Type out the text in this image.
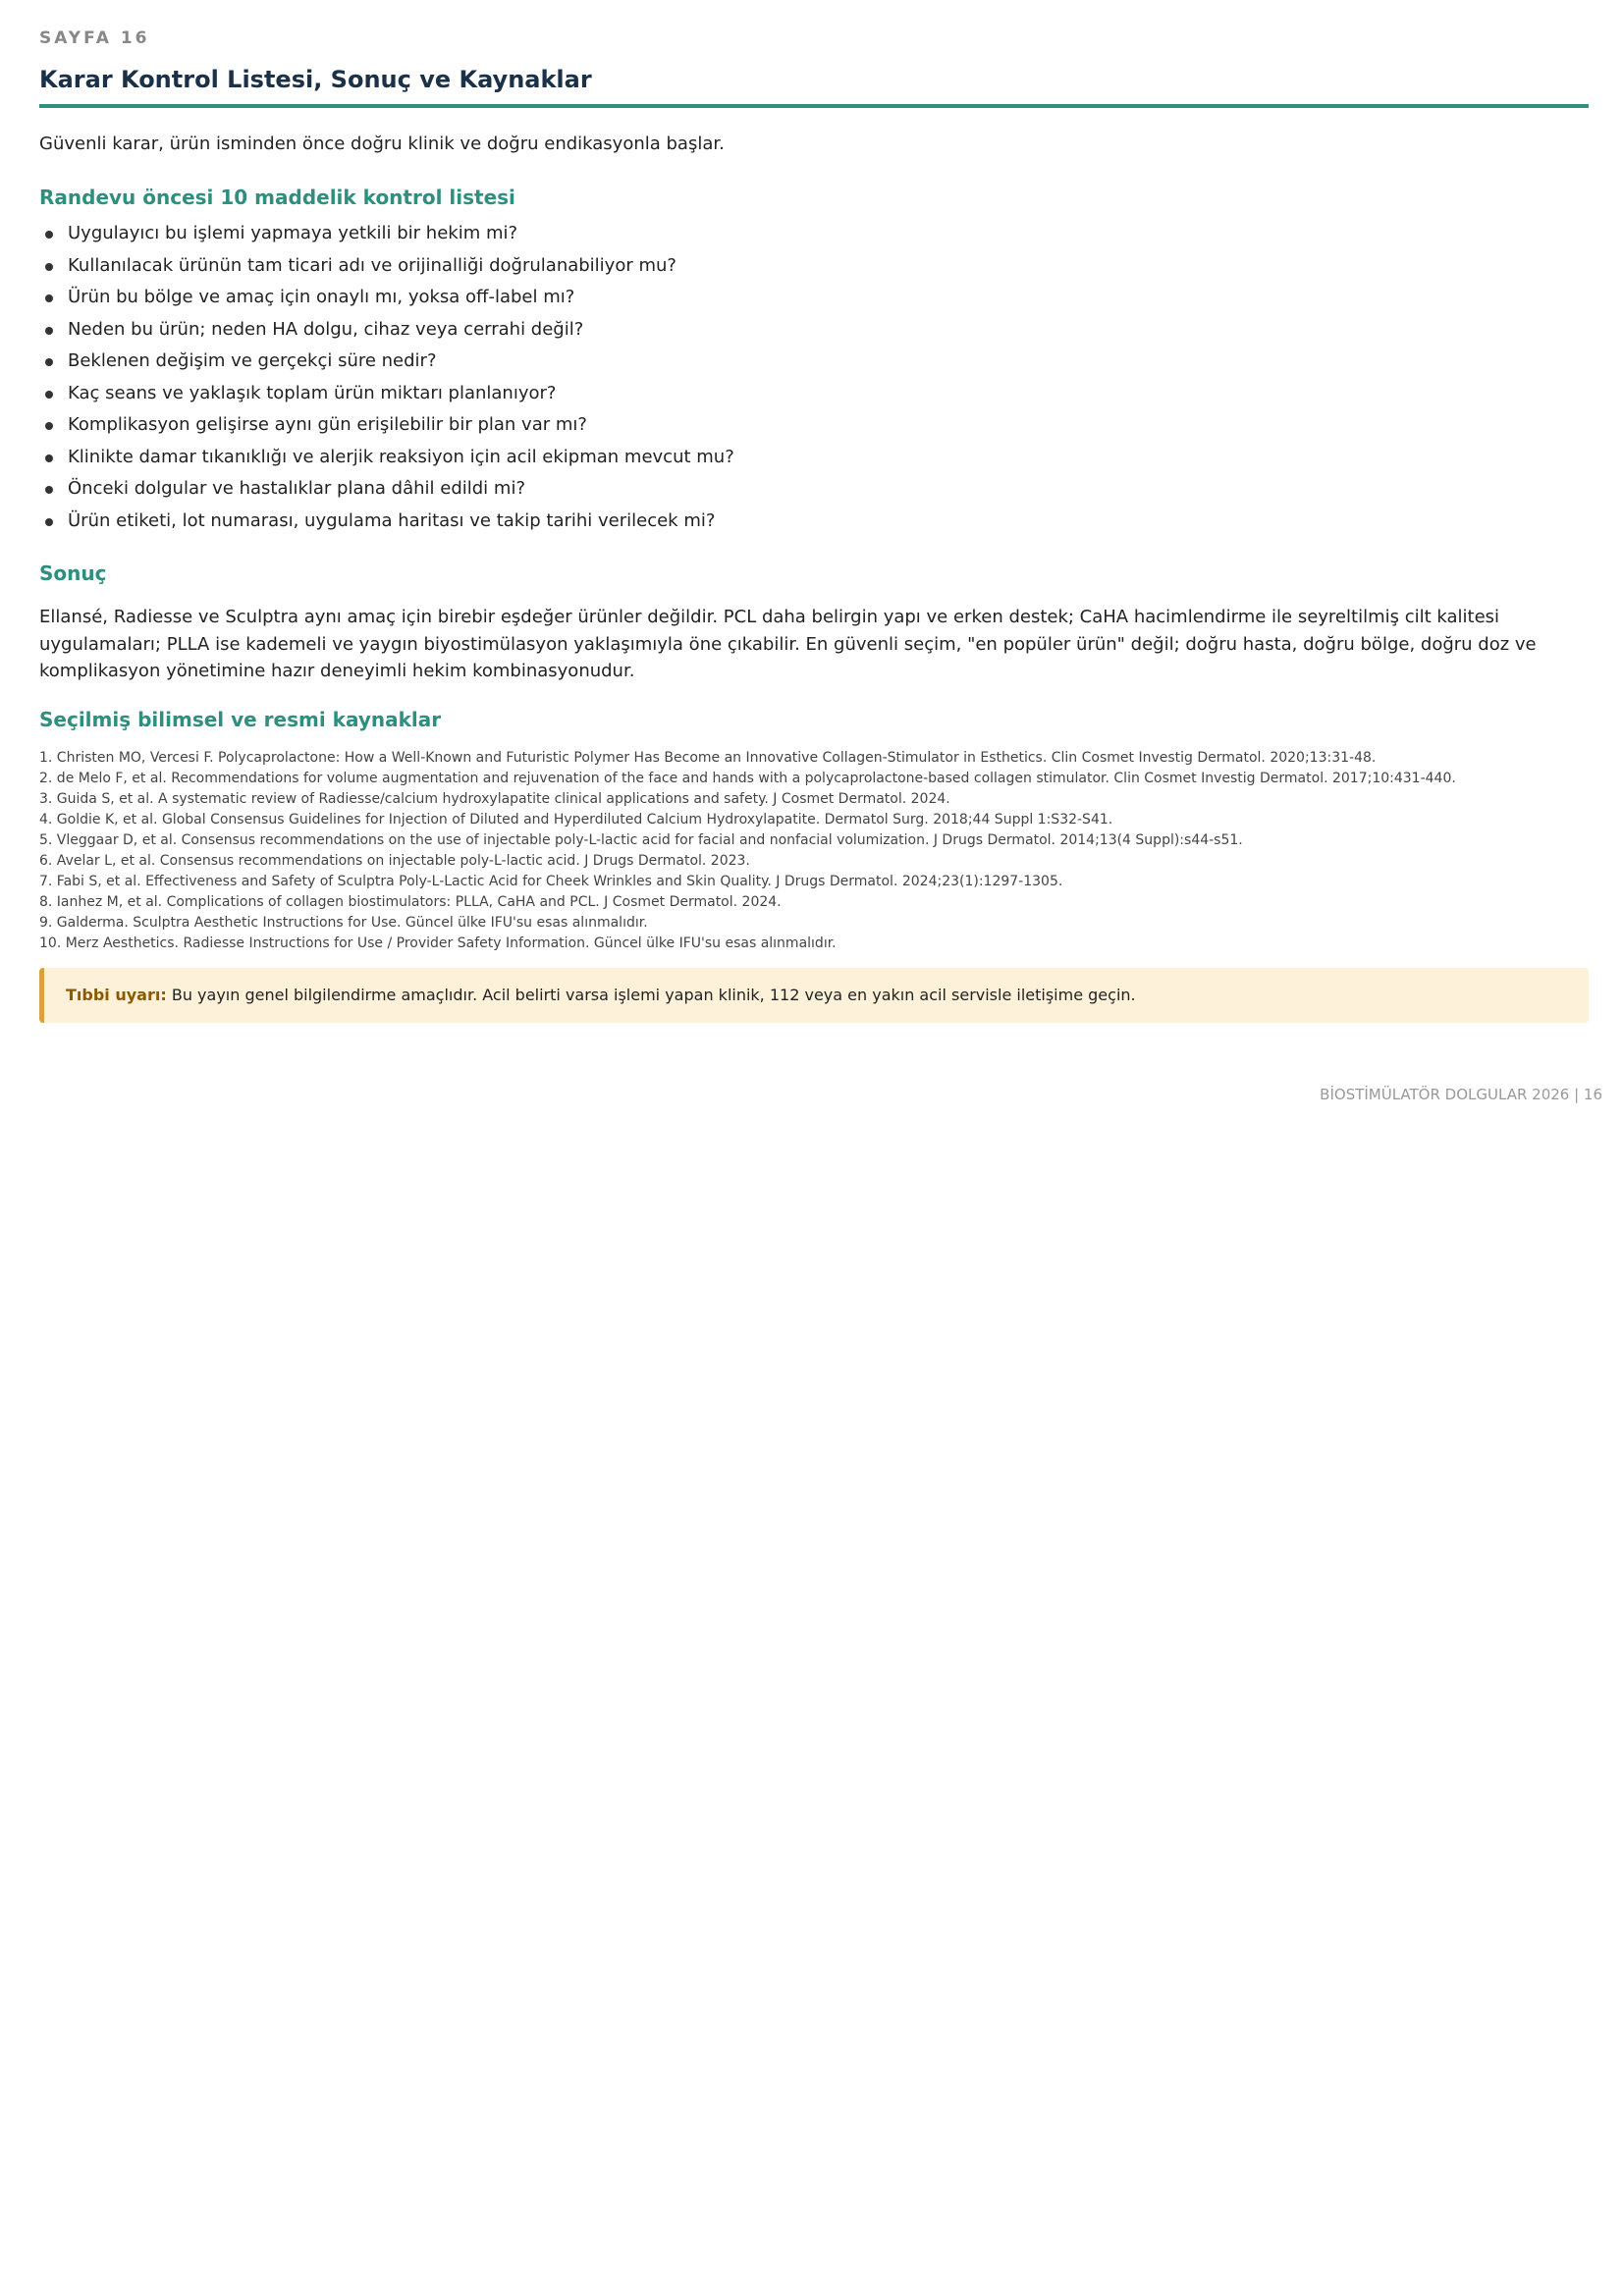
SAYFA 16
Karar Kontrol Listesi, Sonuç ve Kaynaklar
Güvenli karar, ürün isminden önce doğru klinik ve doğru endikasyonla başlar.
Randevu öncesi 10 maddelik kontrol listesi
Uygulayıcı bu işlemi yapmaya yetkili bir hekim mi?
Kullanılacak ürünün tam ticari adı ve orijinalliği doğrulanabiliyor mu?
Ürün bu bölge ve amaç için onaylı mı, yoksa off-label mı?
Neden bu ürün; neden HA dolgu, cihaz veya cerrahi değil?
Beklenen değişim ve gerçekçi süre nedir?
Kaç seans ve yaklaşık toplam ürün miktarı planlanıyor?
Komplikasyon gelişirse aynı gün erişilebilir bir plan var mı?
Klinikte damar tıkanıklığı ve alerjik reaksiyon için acil ekipman mevcut mu?
Önceki dolgular ve hastalıklar plana dâhil edildi mi?
Ürün etiketi, lot numarası, uygulama haritası ve takip tarihi verilecek mi?
Sonuç
Ellansé, Radiesse ve Sculptra aynı amaç için birebir eşdeğer ürünler değildir. PCL daha belirgin yapı ve erken destek; CaHA hacimlendirme ile seyreltilmiş cilt kalitesi uygulamaları; PLLA ise kademeli ve yaygın biyostimülasyon yaklaşımıyla öne çıkabilir. En güvenli seçim, "en popüler ürün" değil; doğru hasta, doğru bölge, doğru doz ve komplikasyon yönetimine hazır deneyimli hekim kombinasyonudur.
Seçilmiş bilimsel ve resmi kaynaklar
1. Christen MO, Vercesi F. Polycaprolactone: How a Well-Known and Futuristic Polymer Has Become an Innovative Collagen-Stimulator in Esthetics. Clin Cosmet Investig Dermatol. 2020;13:31-48.
2. de Melo F, et al. Recommendations for volume augmentation and rejuvenation of the face and hands with a polycaprolactone-based collagen stimulator. Clin Cosmet Investig Dermatol. 2017;10:431-440.
3. Guida S, et al. A systematic review of Radiesse/calcium hydroxylapatite clinical applications and safety. J Cosmet Dermatol. 2024.
4. Goldie K, et al. Global Consensus Guidelines for Injection of Diluted and Hyperdiluted Calcium Hydroxylapatite. Dermatol Surg. 2018;44 Suppl 1:S32-S41.
5. Vleggaar D, et al. Consensus recommendations on the use of injectable poly-L-lactic acid for facial and nonfacial volumization. J Drugs Dermatol. 2014;13(4 Suppl):s44-s51.
6. Avelar L, et al. Consensus recommendations on injectable poly-L-lactic acid. J Drugs Dermatol. 2023.
7. Fabi S, et al. Effectiveness and Safety of Sculptra Poly-L-Lactic Acid for Cheek Wrinkles and Skin Quality. J Drugs Dermatol. 2024;23(1):1297-1305.
8. Ianhez M, et al. Complications of collagen biostimulators: PLLA, CaHA and PCL. J Cosmet Dermatol. 2024.
9. Galderma. Sculptra Aesthetic Instructions for Use. Güncel ülke IFU'su esas alınmalıdır.
10. Merz Aesthetics. Radiesse Instructions for Use / Provider Safety Information. Güncel ülke IFU'su esas alınmalıdır.
Tıbbi uyarı: Bu yayın genel bilgilendirme amaçlıdır. Acil belirti varsa işlemi yapan klinik, 112 veya en yakın acil servisle iletişime geçin.
BİOSTİMÜLATÖR DOLGULAR 2026 | 16
